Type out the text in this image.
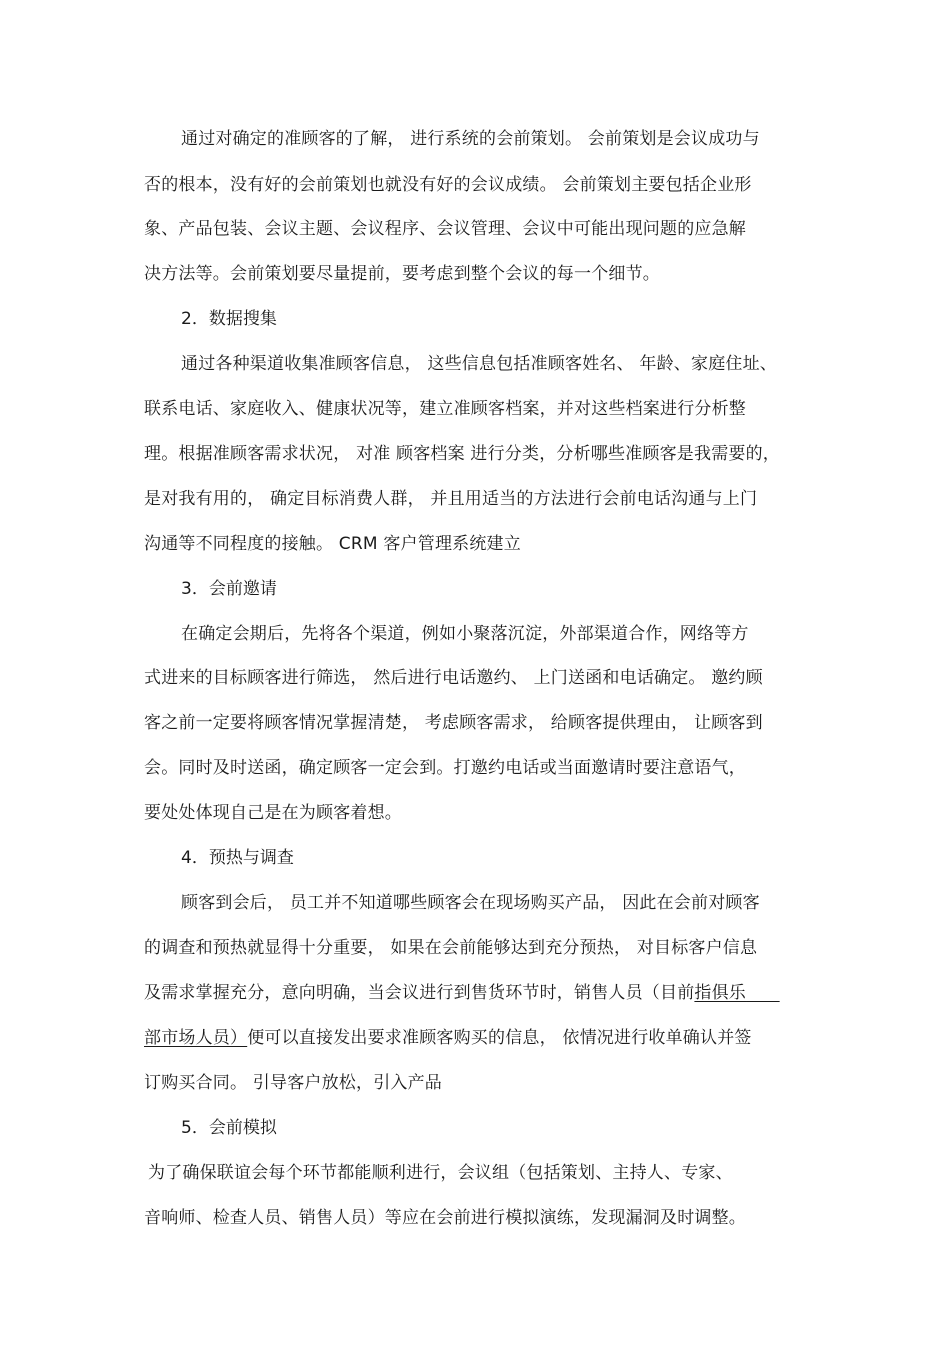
通过对确定的准顾客的了解， 进行系统的会前策划。 会前策划是会议成功与
否的根本，没有好的会前策划也就没有好的会议成绩。 会前策划主要包括企业形
象、产品包装、会议主题、会议程序、会议管理、会议中可能出现问题的应急解
决方法等。会前策划要尽量提前，要考虑到整个会议的每一个细节。
2．数据搜集
通过各种渠道收集准顾客信息， 这些信息包括准顾客姓名、 年龄、家庭住址、
联系电话、家庭收入、健康状况等，建立准顾客档案，并对这些档案进行分析整
理。根据准顾客需求状况， 对准 顾客档案 进行分类，分析哪些准顾客是我需要的，
是对我有用的， 确定目标消费人群， 并且用适当的方法进行会前电话沟通与上门
沟通等不同程度的接触。 CRM 客户管理系统建立
3．会前邀请
在确定会期后，先将各个渠道，例如小聚落沉淀，外部渠道合作，网络等方
式进来的目标顾客进行筛选， 然后进行电话邀约、 上门送函和电话确定。 邀约顾
客之前一定要将顾客情况掌握清楚， 考虑顾客需求， 给顾客提供理由， 让顾客到
会。同时及时送函，确定顾客一定会到。打邀约电话或当面邀请时要注意语气，
要处处体现自己是在为顾客着想。
4．预热与调查
顾客到会后， 员工并不知道哪些顾客会在现场购买产品， 因此在会前对顾客
的调查和预热就显得十分重要， 如果在会前能够达到充分预热， 对目标客户信息
及需求掌握充分，意向明确，当会议进行到售货环节时，销售人员（目前指俱乐
部市场人员）便可以直接发出要求准顾客购买的信息， 依情况进行收单确认并签
订购买合同。 引导客户放松，引入产品
5．会前模拟
为了确保联谊会每个环节都能顺利进行，会议组（包括策划、主持人、专家、
音响师、检查人员、销售人员）等应在会前进行模拟演练，发现漏洞及时调整。
